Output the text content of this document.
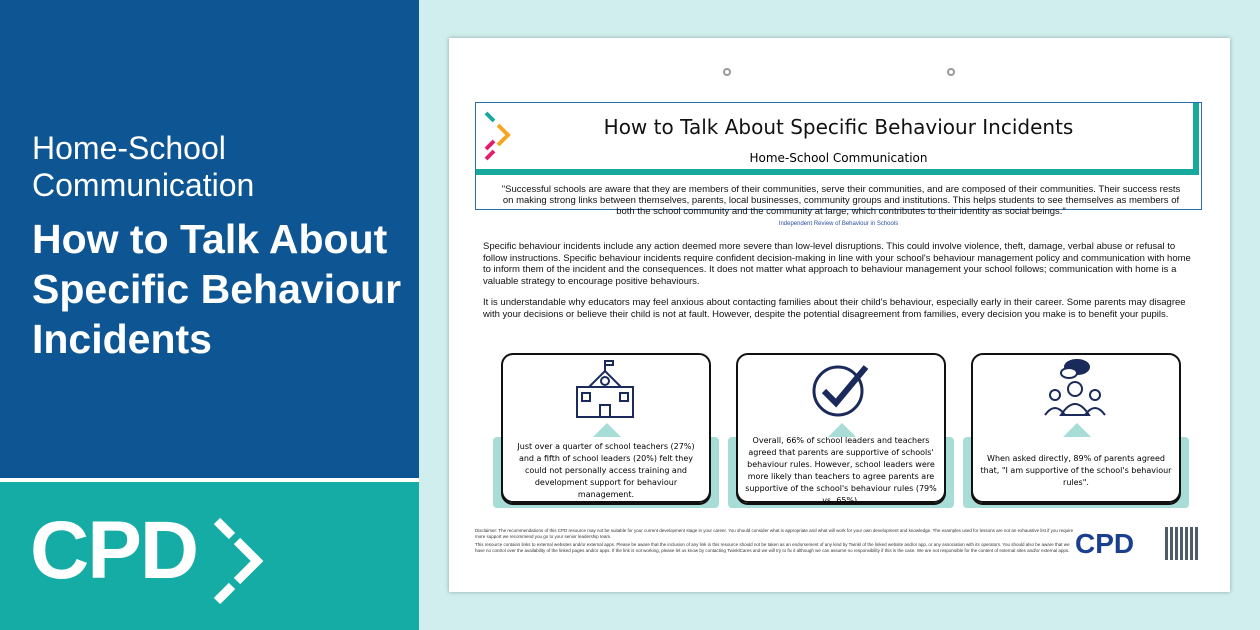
Home-School Communication
How to Talk About Specific Behaviour Incidents
CPD
How to Talk About Specific Behaviour Incidents
Home-School Communication
"Successful schools are aware that they are members of their communities, serve their communities, and are composed of their communities. Their success rests on making strong links between themselves, parents, local businesses, community groups and institutions. This helps students to see themselves as members of both the school community and the community at large, which contributes to their identity as social beings."
Independent Review of Behaviour in Schools

Specific behaviour incidents include any action deemed more severe than low-level disruptions. This could involve violence, theft, damage, verbal abuse or refusal to follow instructions. Specific behaviour incidents require confident decision-making in line with your school's behaviour management policy and communication with home to inform them of the incident and the consequences. It does not matter what approach to behaviour management your school follows; communication with home is a valuable strategy to encourage positive behaviours.

It is understandable why educators may feel anxious about contacting families about their child's behaviour, especially early in their career. Some parents may disagree with your decisions or believe their child is not at fault. However, despite the potential disagreement from families, every decision you make is to benefit your pupils.

Just over a quarter of school teachers (27%) and a fifth of school leaders (20%) felt they could not personally access training and development support for behaviour management.
Overall, 66% of school leaders and teachers agreed that parents are supportive of schools' behaviour rules. However, school leaders were more likely than teachers to agree parents are supportive of the school's behaviour rules (79% vs. 65%).
When asked directly, 89% of parents agreed that, "I am supportive of the school's behaviour rules".

Disclaimer: The recommendations of this CPD resource may not be suitable for your current development stage in your career. You should consider what is appropriate and what will work for your own development and knowledge. The examples used for lessons are not an exhaustive list if you require more support we recommend you go to your senior leadership team.

This resource contains links to external websites and/or external apps. Please be aware that the inclusion of any link in this resource should not be taken as an endorsement of any kind by Twinkl of the linked website and/or app, or any association with its operators. You should also be aware that we have no control over the availability of the linked pages and/or apps. If the link is not working, please let us know by contacting TwinklCares and we will try to fix it although we can assume no responsibility if this is the case. We are not responsible for the content of external sites and/or external apps. CPD
